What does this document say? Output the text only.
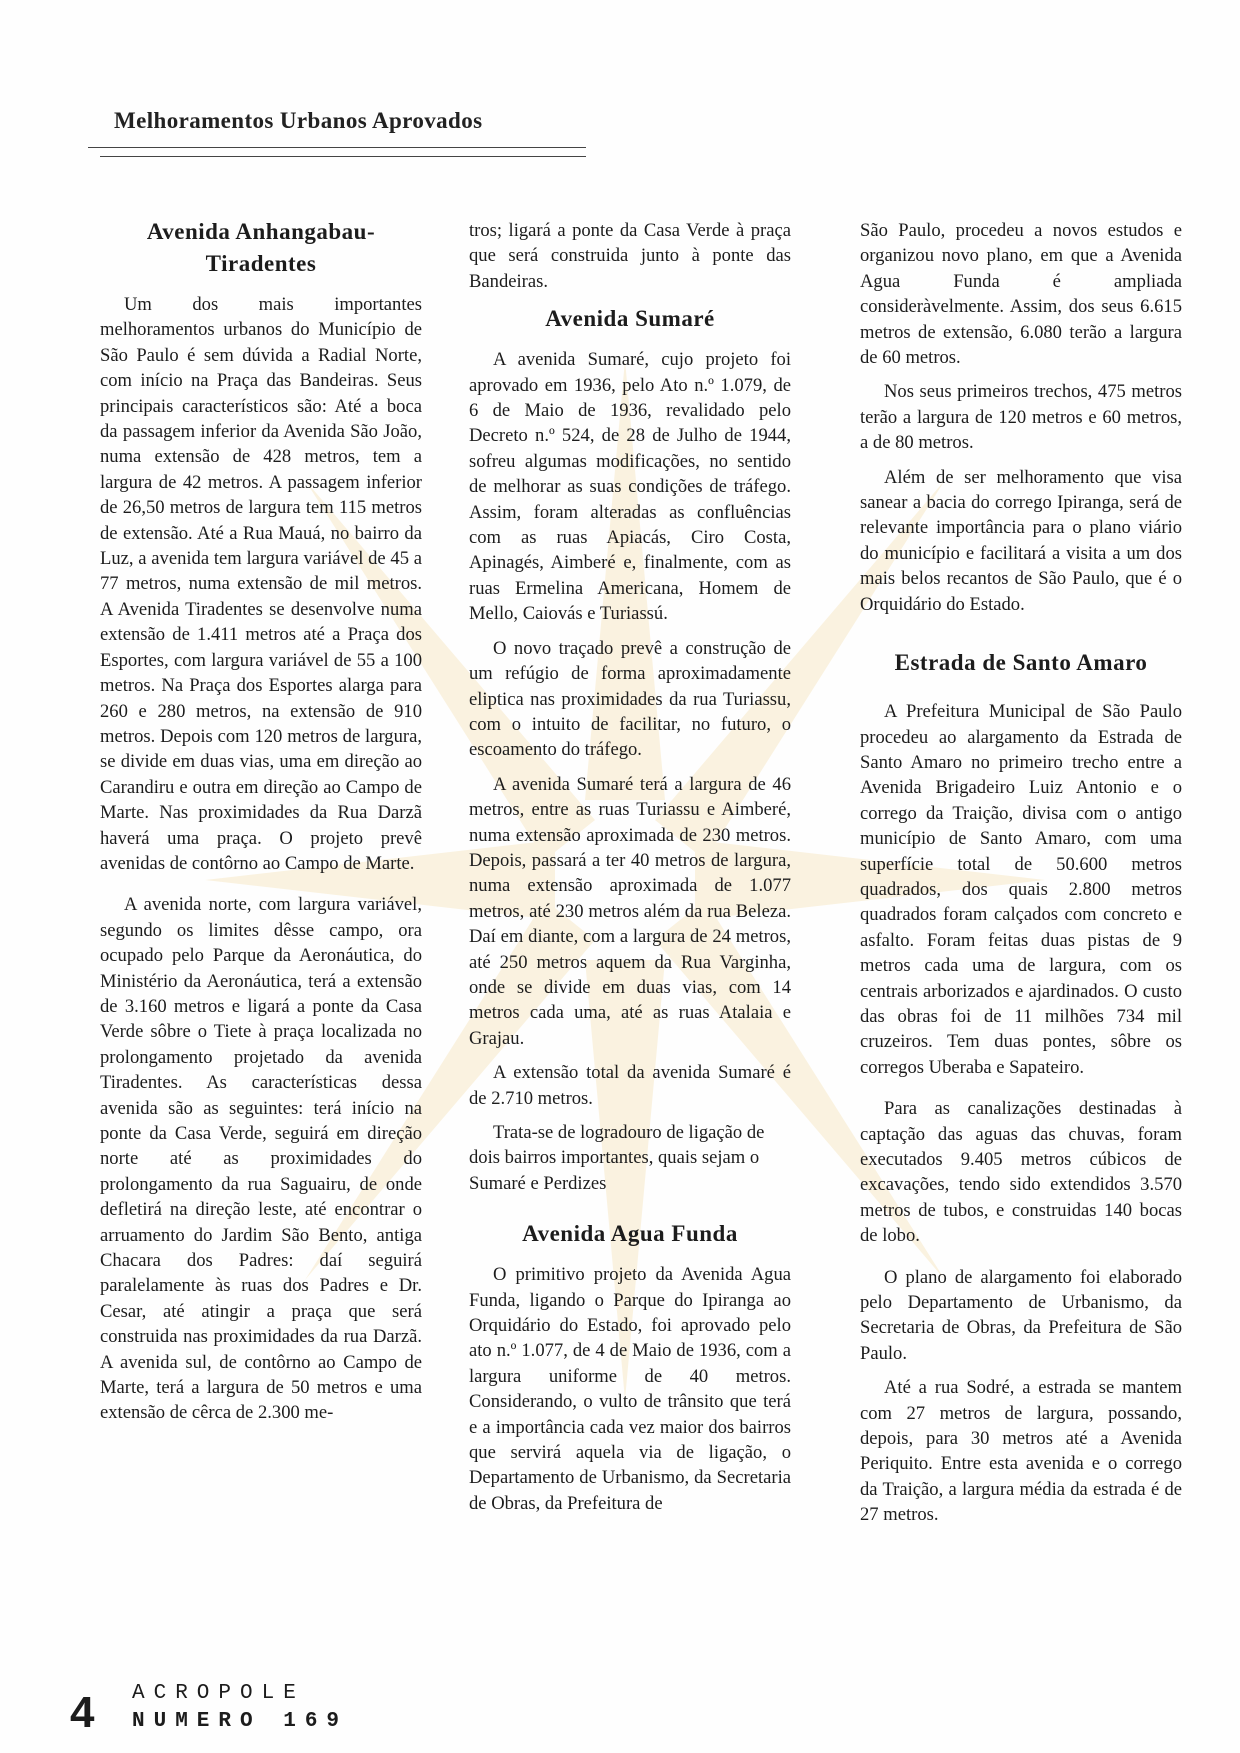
Melhoramentos Urbanos Aprovados
Avenida Anhangabau-
Tiradentes

Um dos mais importantes melhoramentos urbanos do Município de São Paulo é sem dúvida a Radial Norte, com início na Praça das Bandeiras. Seus principais característicos são: Até a boca da passagem inferior da Avenida São João, numa extensão de 428 metros, tem a largura de 42 metros. A passagem inferior de 26,50 metros de largura tem 115 metros de extensão. Até a Rua Mauá, no bairro da Luz, a avenida tem largura variável de 45 a 77 metros, numa extensão de mil metros. A Avenida Tiradentes se desenvolve numa extensão de 1.411 metros até a Praça dos Esportes, com largura variável de 55 a 100 metros. Na Praça dos Esportes alarga para 260 e 280 metros, na extensão de 910 metros. Depois com 120 metros de largura, se divide em duas vias, uma em direção ao Carandiru e outra em direção ao Campo de Marte. Nas proximidades da Rua Darzã haverá uma praça. O projeto prevê avenidas de contôrno ao Campo de Marte.

A avenida norte, com largura variável, segundo os limites dêsse campo, ora ocupado pelo Parque da Aeronáutica, do Ministério da Aeronáutica, terá a extensão de 3.160 metros e ligará a ponte da Casa Verde sôbre o Tiete à praça localizada no prolongamento projetado da avenida Tiradentes. As características dessa avenida são as seguintes: terá início na ponte da Casa Verde, seguirá em direção norte até as proximidades do prolongamento da rua Saguairu, de onde defletirá na direção leste, até encontrar o arruamento do Jardim São Bento, antiga Chacara dos Padres: daí seguirá paralelamente às ruas dos Padres e Dr. Cesar, até atingir a praça que será construida nas proximidades da rua Darzã. A avenida sul, de contôrno ao Campo de Marte, terá a largura de 50 metros e uma extensão de cêrca de 2.300 me-

tros; ligará a ponte da Casa Verde à praça que será construida junto à ponte das Bandeiras.

Avenida Sumaré

A avenida Sumaré, cujo projeto foi aprovado em 1936, pelo Ato n.º 1.079, de 6 de Maio de 1936, revalidado pelo Decreto n.º 524, de 28 de Julho de 1944, sofreu algumas modificações, no sentido de melhorar as suas condições de tráfego. Assim, foram alteradas as confluências com as ruas Apiacás, Ciro Costa, Apinagés, Aimberé e, finalmente, com as ruas Ermelina Americana, Homem de Mello, Caiovás e Turiassú.

O novo traçado prevê a construção de um refúgio de forma aproximadamente eliptica nas proximidades da rua Turiassu, com o intuito de facilitar, no futuro, o escoamento do tráfego.

A avenida Sumaré terá a largura de 46 metros, entre as ruas Turiassu e Aimberé, numa extensão aproximada de 230 metros. Depois, passará a ter 40 metros de largura, numa extensão aproximada de 1.077 metros, até 230 metros além da rua Beleza. Daí em diante, com a largura de 24 metros, até 250 metros aquem da Rua Varginha, onde se divide em duas vias, com 14 metros cada uma, até as ruas Atalaia e Grajau.

A extensão total da avenida Sumaré é de 2.710 metros.

Trata-se de logradouro de ligação de dois bairros importantes, quais sejam o Sumaré e Perdizes

Avenida Agua Funda

O primitivo projeto da Avenida Agua Funda, ligando o Parque do Ipiranga ao Orquidário do Estado, foi aprovado pelo ato n.º 1.077, de 4 de Maio de 1936, com a largura uniforme de 40 metros. Considerando, o vulto de trânsito que terá e a importância cada vez maior dos bairros que servirá aquela via de ligação, o Departamento de Urbanismo, da Secretaria de Obras, da Prefeitura de

São Paulo, procedeu a novos estudos e organizou novo plano, em que a Avenida Agua Funda é ampliada consideràvelmente. Assim, dos seus 6.615 metros de extensão, 6.080 terão a largura de 60 metros.

Nos seus primeiros trechos, 475 metros terão a largura de 120 metros e 60 metros, a de 80 metros.

Além de ser melhoramento que visa sanear a bacia do corrego Ipiranga, será de relevante importância para o plano viário do município e facilitará a visita a um dos mais belos recantos de São Paulo, que é o Orquidário do Estado.

Estrada de Santo Amaro

A Prefeitura Municipal de São Paulo procedeu ao alargamento da Estrada de Santo Amaro no primeiro trecho entre a Avenida Brigadeiro Luiz Antonio e o corrego da Traição, divisa com o antigo município de Santo Amaro, com uma superfície total de 50.600 metros quadrados, dos quais 2.800 metros quadrados foram calçados com concreto e asfalto. Foram feitas duas pistas de 9 metros cada uma de largura, com os centrais arborizados e ajardinados. O custo das obras foi de 11 milhões 734 mil cruzeiros. Tem duas pontes, sôbre os corregos Uberaba e Sapateiro.

Para as canalizações destinadas à captação das aguas das chuvas, foram executados 9.405 metros cúbicos de excavações, tendo sido extendidos 3.570 metros de tubos, e construidas 140 bocas de lobo.

O plano de alargamento foi elaborado pelo Departamento de Urbanismo, da Secretaria de Obras, da Prefeitura de São Paulo.

Até a rua Sodré, a estrada se mantem com 27 metros de largura, possando, depois, para 30 metros até a Avenida Periquito. Entre esta avenida e o corrego da Traição, a largura média da estrada é de 27 metros.

4 ACROPOLE
NUMERO 169
